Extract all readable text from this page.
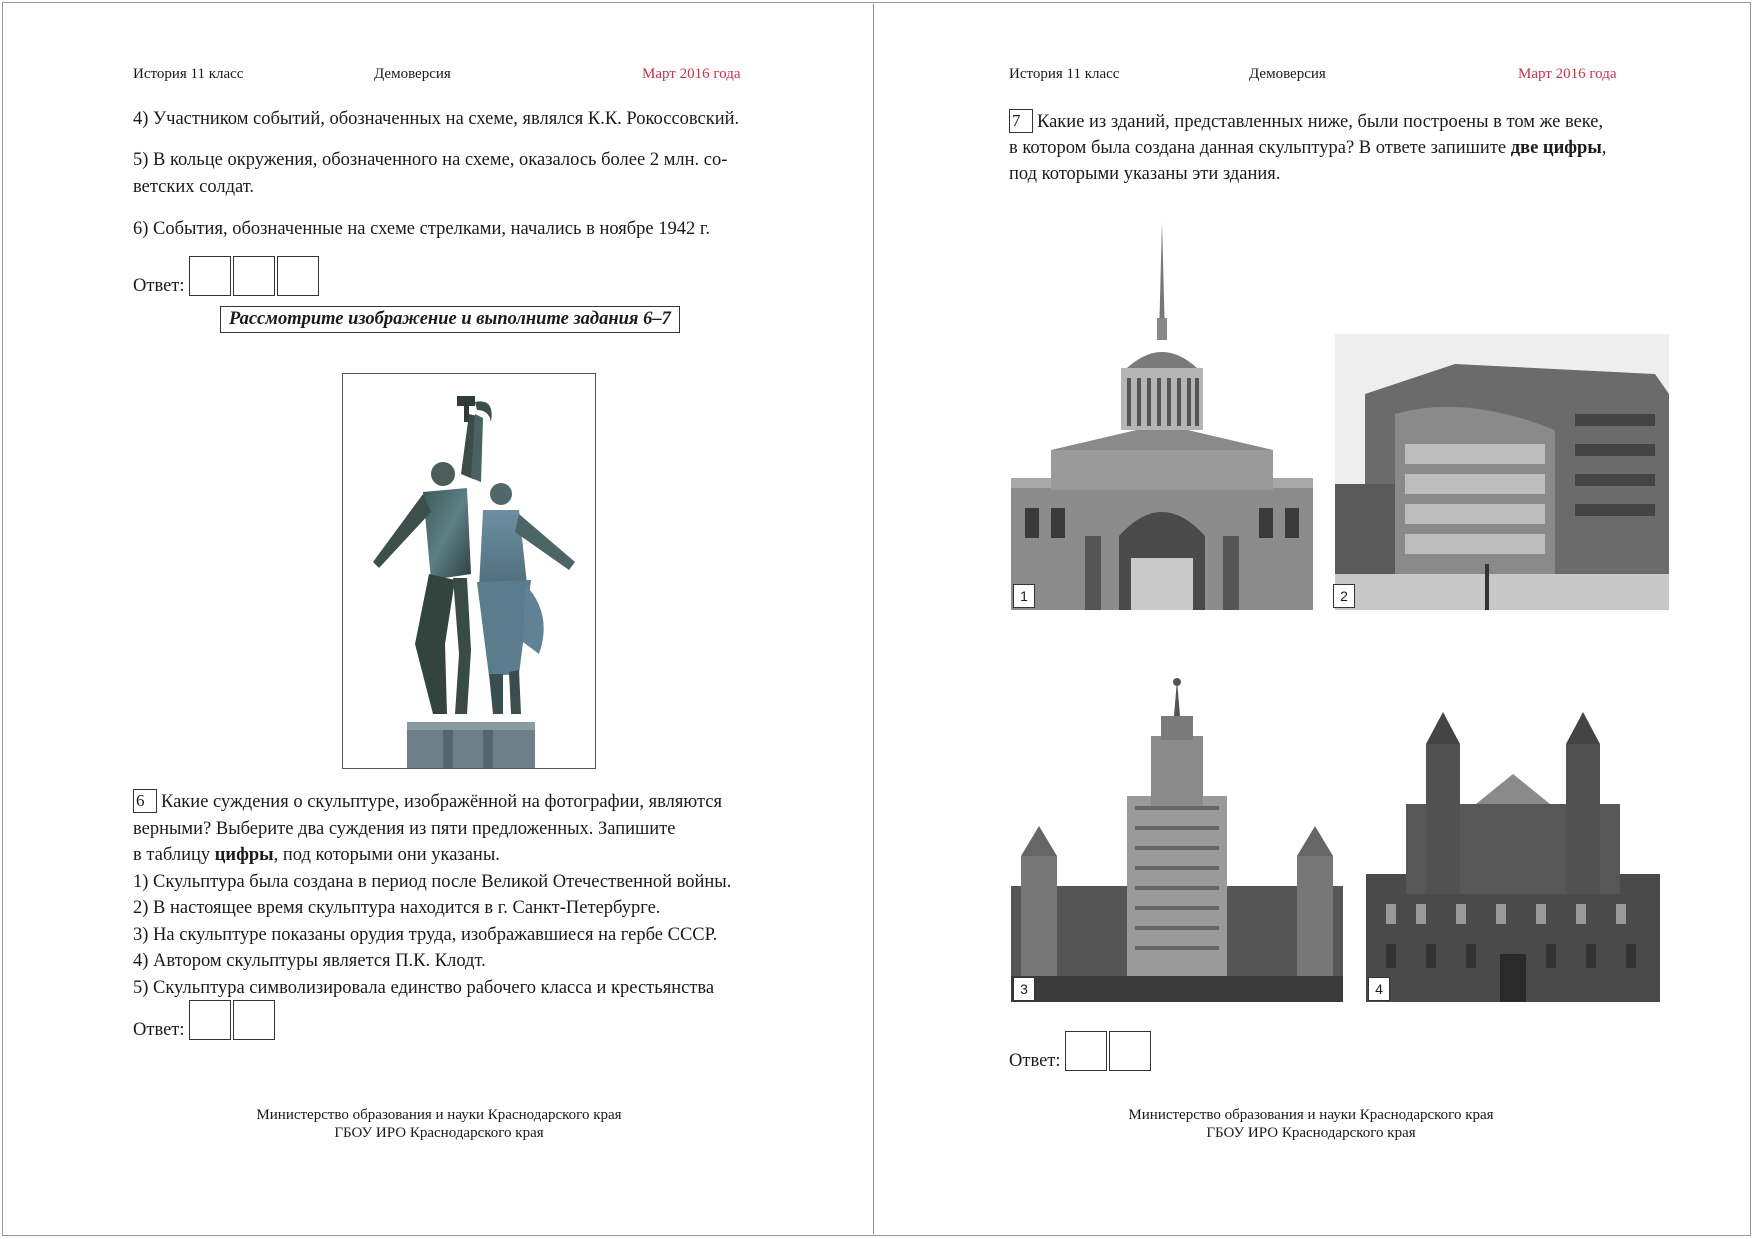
История 11 класс	Демоверсия	Март 2016 года
4) Участником событий, обозначенных на схеме, являлся К.К. Рокоссовский.
5) В кольце окружения, обозначенного на схеме, оказалось более 2 млн. со-
ветских солдат.
6) События, обозначенные на схеме стрелками, начались в ноябре 1942 г.
Ответ:
Рассмотрите изображение и выполните задания 6–7
6 Какие суждения о скульптуре, изображённой на фотографии, являются
верными? Выберите два суждения из пяти предложенных. Запишите
в таблицу цифры, под которыми они указаны.
1) Скульптура была создана в период после Великой Отечественной войны.
2) В настоящее время скульптура находится в г. Санкт-Петербурге.
3) На скульптуре показаны орудия труда, изображавшиеся на гербе СССР.
4) Автором скульптуры является П.К. Клодт.
5) Скульптура символизировала единство рабочего класса и крестьянства
Ответ:
Министерство образования и науки Краснодарского края
ГБОУ ИРО Краснодарского края
История 11 класс	Демоверсия	Март 2016 года
7 Какие из зданий, представленных ниже, были построены в том же веке,
в котором была создана данная скульптура? В ответе запишите две цифры,
под которыми указаны эти здания.
1	2
3	4
Ответ:
Министерство образования и науки Краснодарского края
ГБОУ ИРО Краснодарского края
